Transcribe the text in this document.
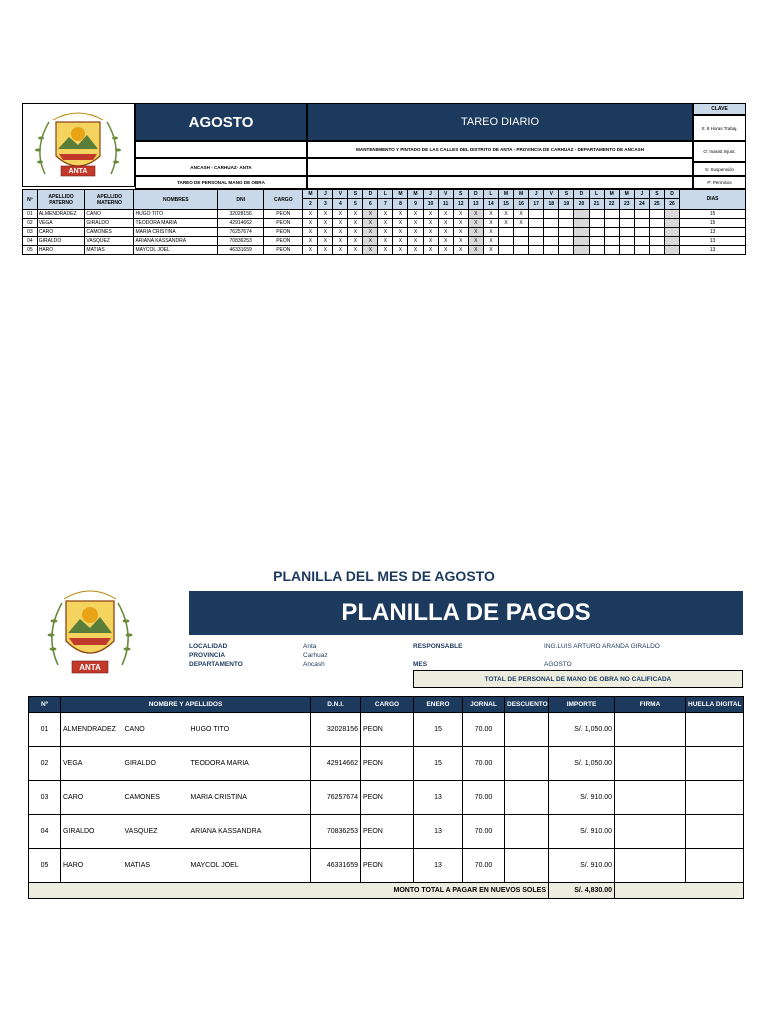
ANTA
AGOSTO	TAREO DIARIO
CLAVE
X: 8 Horas Trabaj.
O: Inasist.Injust.
S: Suspensión
P: Permisos
MANTENIMIENTO Y PINTADO DE LAS CALLES DEL DISTRITO DE ANTA - PROVINCIA DE CARHUAZ - DEPARTAMENTO DE ANCASH
ANCASH - CARHUAZ- ANTA
TAREO DE PERSONAL MANO DE OBRA
Nº	APELLIDO PATERNO	APELLIDO MATERNO	NOMBRES	DNI	CARGO	M	J	V	S	D	L	M	M	J	V	S	D	L	M	M	J	V	S	D	L	M	M	J	S	D	DIAS
						2	3	4	5	6	7	8	9	10	11	12	13	14	15	16	17	18	19	20	21	22	23	24	25	26	
01	ALMENDRADEZ	CANO	HUGO TITO	32028156	PEON	X	X	X	X	X	X	X	X	X	X	X	X	X	X	X											15
02	VEGA	GIRALDO	TEODORA MARIA	42914662	PEON	X	X	X	X	X	X	X	X	X	X	X	X	X	X	X											15
03	CARO	CAMONES	MARIA CRISTINA	76257674	PEON	X	X	X	X	X	X	X	X	X	X	X	X	X													13
04	GIRALDO	VASQUEZ	ARIANA KASSANDRA	70836253	PEON	X	X	X	X	X	X	X	X	X	X	X	X	X													13
05	HARO	MATIAS	MAYCOL JOEL	46331659	PEON	X	X	X	X	X	X	X	X	X	X	X	X	X													13
PLANILLA DEL MES DE AGOSTO
ANTA
PLANILLA DE PAGOS
LOCALIDAD	Anta
PROVINCIA	Carhuaz
DEPARTAMENTO	Ancash
RESPONSABLE	ING.LUIS ARTURO ARANDA GIRALDO
MES	AGOSTO
TOTAL DE PERSONAL DE MANO DE OBRA NO CALIFICADA
Nº	NOMBRE Y APELLIDOS			D.N.I.	CARGO	ENERO	JORNAL	DESCUENTO	IMPORTE	FIRMA	HUELLA DIGITAL
01	ALMENDRADEZ	CANO	HUGO TITO	32028156	PEON	15	70.00		S/. 1,050.00		
02	VEGA	GIRALDO	TEODORA MARIA	42914662	PEON	15	70.00		S/. 1,050.00		
03	CARO	CAMONES	MARIA CRISTINA	76257674	PEON	13	70.00		S/. 910.00		
04	GIRALDO	VASQUEZ	ARIANA KASSANDRA	70836253	PEON	13	70.00		S/. 910.00		
05	HARO	MATIAS	MAYCOL JOEL	46331659	PEON	13	70.00		S/. 910.00		
MONTO TOTAL A PAGAR EN NUEVOS SOLES									S/. 4,830.00		
